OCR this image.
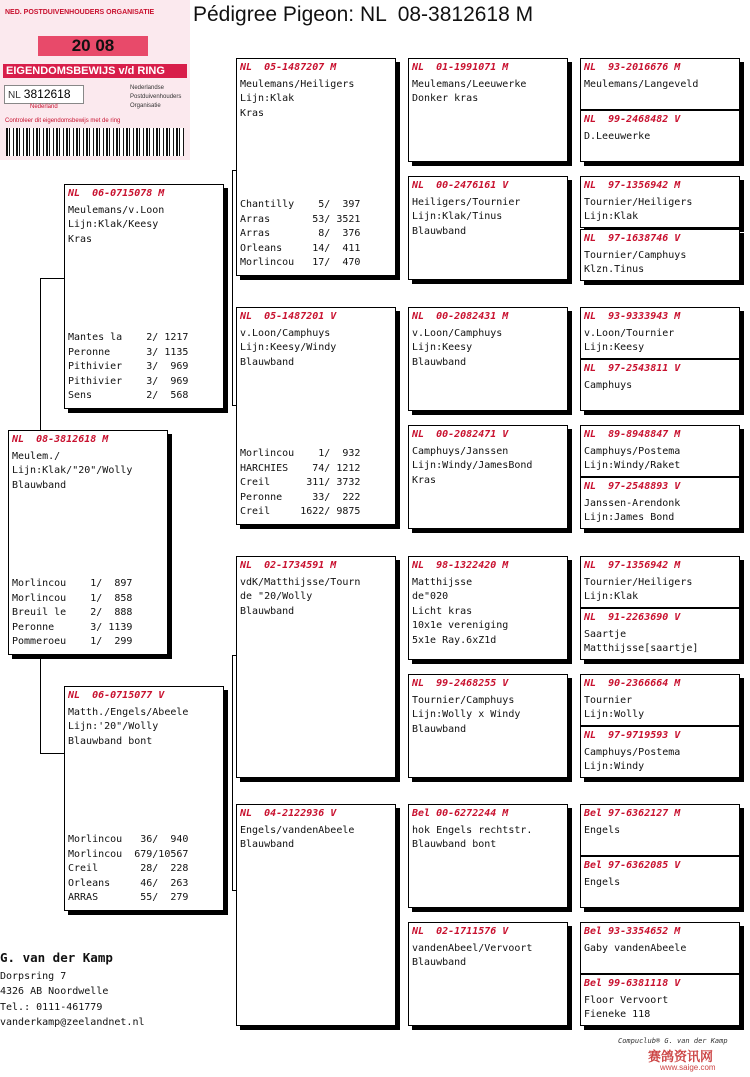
Pédigree Pigeon: NL  08-3812618 M
NED. POSTDUIVENHOUDERS ORGANISATIE
20 08
EIGENDOMSBEWIJS v/d RING
NL 3812618
Nederland
Nederlandse
Postduivenhouders
Organisatie
Controleer dit eigendomsbewijs met de ring
NL  08-3812618 M
Meulem./
Lijn:Klak/"20"/Wolly
Blauwband
Morlincou    1/  897
Morlincou    1/  858
Breuil le    2/  888
Peronne      3/ 1139
Pommeroeu    1/  299
NL  06-0715078 M
Meulemans/v.Loon
Lijn:Klak/Keesy
Kras
Mantes la    2/ 1217
Peronne      3/ 1135
Pithivier    3/  969
Pithivier    3/  969
Sens         2/  568
NL  06-0715077 V
Matth./Engels/Abeele
Lijn:'20"/Wolly
Blauwband bont
Morlincou   36/  940
Morlincou  679/10567
Creil       28/  228
Orleans     46/  263
ARRAS       55/  279
NL  05-1487207 M
Meulemans/Heiligers
Lijn:Klak
Kras
Chantilly    5/  397
Arras       53/ 3521
Arras        8/  376
Orleans     14/  411
Morlincou   17/  470
NL  05-1487201 V
v.Loon/Camphuys
Lijn:Keesy/Windy
Blauwband
Morlincou    1/  932
HARCHIES    74/ 1212
Creil      311/ 3732
Peronne     33/  222
Creil     1622/ 9875
NL  02-1734591 M
vdK/Matthijsse/Tourn
de "20/Wolly
Blauwband
NL  04-2122936 V
Engels/vandenAbeele
Blauwband
NL  01-1991071 M
Meulemans/Leeuwerke
Donker kras
NL  00-2476161 V
Heiligers/Tournier
Lijn:Klak/Tinus
Blauwband
NL  00-2082431 M
v.Loon/Camphuys
Lijn:Keesy
Blauwband
NL  00-2082471 V
Camphuys/Janssen
Lijn:Windy/JamesBond
Kras
NL  98-1322420 M
Matthijsse
de"020
Licht kras
10x1e vereniging
5x1e Ray.6xZ1d
NL  99-2468255 V
Tournier/Camphuys
Lijn:Wolly x Windy
Blauwband
Bel 00-6272244 M
hok Engels rechtstr.
Blauwband bont
NL  02-1711576 V
vandenAbeel/Vervoort
Blauwband
NL  93-2016676 M
Meulemans/Langeveld
NL  99-2468482 V
D.Leeuwerke
NL  97-1356942 M
Tournier/Heiligers
Lijn:Klak
NL  97-1638746 V
Tournier/Camphuys
Klzn.Tinus
NL  93-9333943 M
v.Loon/Tournier
Lijn:Keesy
NL  97-2543811 V
Camphuys
NL  89-8948847 M
Camphuys/Postema
Lijn:Windy/Raket
NL  97-2548893 V
Janssen-Arendonk
Lijn:James Bond
NL  97-1356942 M
Tournier/Heiligers
Lijn:Klak
NL  91-2263690 V
Saartje
Matthijsse[saartje]
NL  90-2366664 M
Tournier
Lijn:Wolly
NL  97-9719593 V
Camphuys/Postema
Lijn:Windy
Bel 97-6362127 M
Engels
Bel 97-6362085 V
Engels
Bel 93-3354652 M
Gaby vandenAbeele
Bel 99-6381118 V
Floor Vervoort
Fieneke 118
G. van der Kamp
Dorpsring 7
4326 AB Noordwelle
Tel.: 0111-461779
vanderkamp@zeelandnet.nl
Compuclub® G. van der Kamp
赛鸽资讯网
www.saige.com
